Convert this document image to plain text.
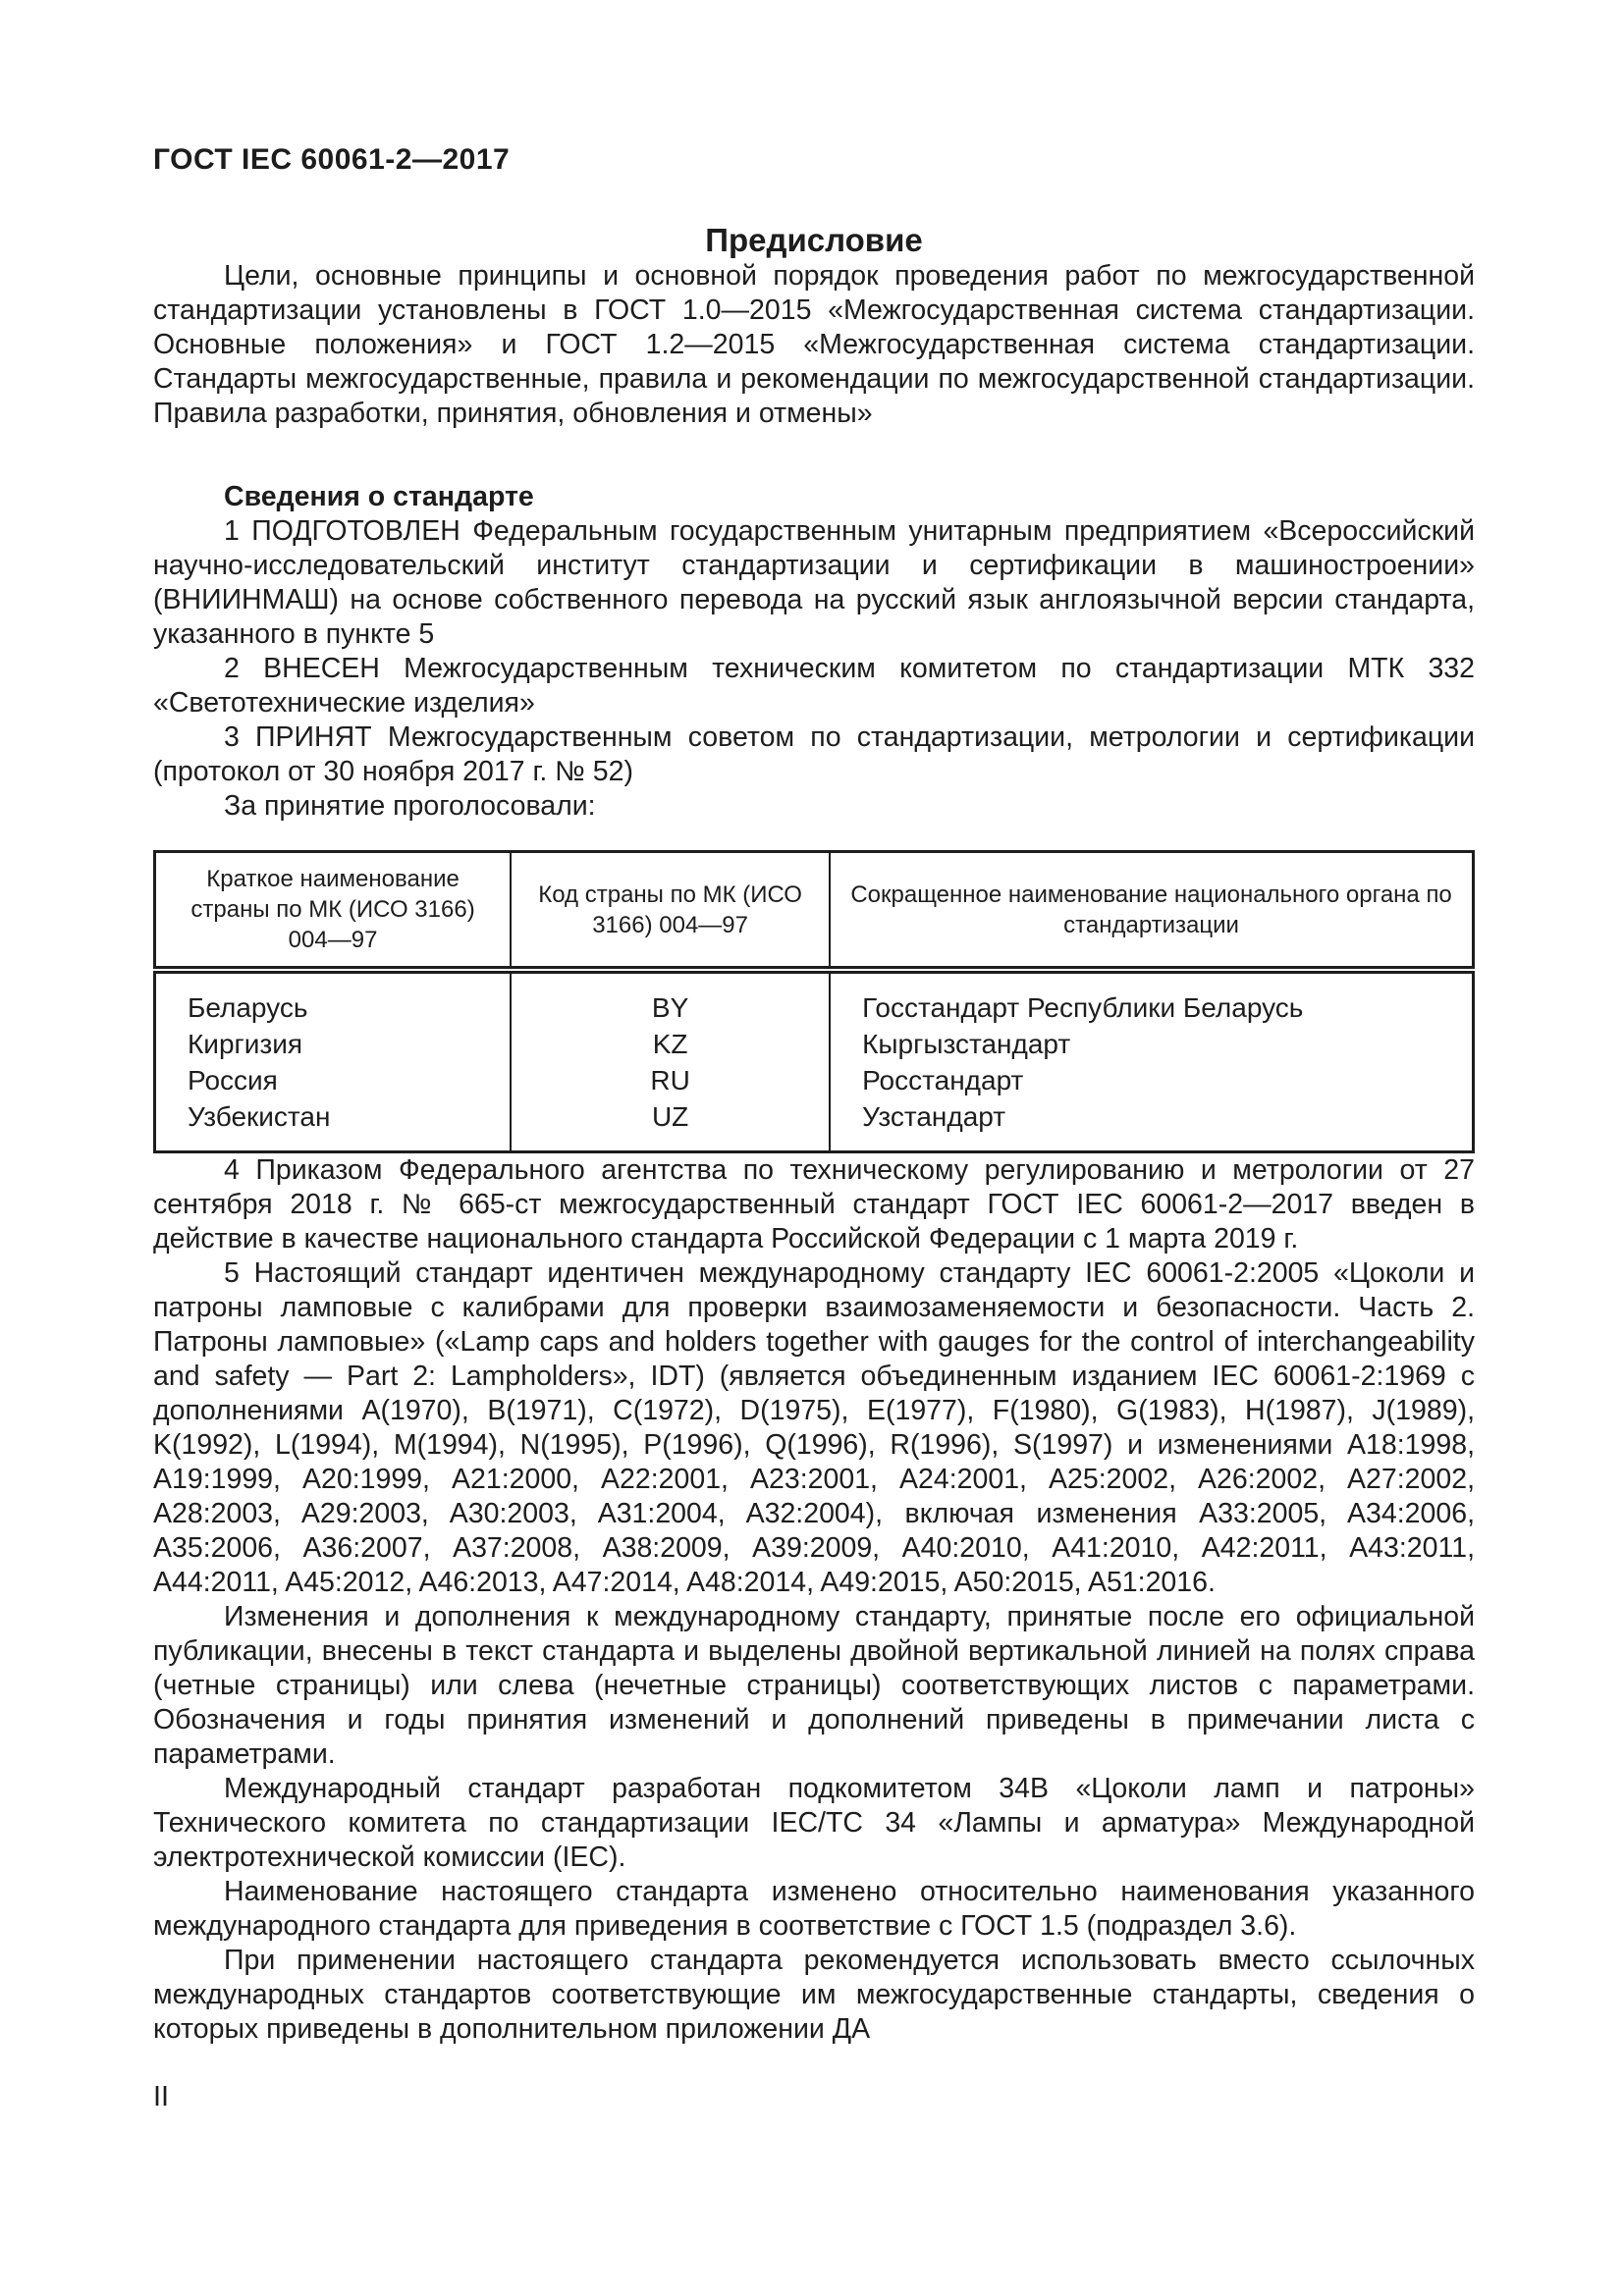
ГОСТ IEC 60061-2—2017
Предисловие

Цели, основные принципы и основной порядок проведения работ по межгосударственной стандартизации установлены в ГОСТ 1.0—2015 «Межгосударственная система стандартизации. Основные положения» и ГОСТ 1.2—2015 «Межгосударственная система стандартизации. Стандарты межгосударственные, правила и рекомендации по межгосударственной стандартизации. Правила разработки, принятия, обновления и отмены»

Сведения о стандарте

1 ПОДГОТОВЛЕН Федеральным государственным унитарным предприятием «Всероссийский научно-исследовательский институт стандартизации и сертификации в машиностроении» (ВНИИНМАШ) на основе собственного перевода на русский язык англоязычной версии стандарта, указанного в пункте 5

2 ВНЕСЕН Межгосударственным техническим комитетом по стандартизации МТК 332 «Светотехнические изделия»

3 ПРИНЯТ Межгосударственным советом по стандартизации, метрологии и сертификации (протокол от 30 ноября 2017 г. № 52)

За принятие проголосовали:

Краткое наименование страны по МК (ИСО 3166) 004—97	Код страны по МК (ИСО 3166) 004—97	Сокращенное наименование национального органа по стандартизации
Беларусь	BY	Госстандарт Республики Беларусь
Киргизия	KZ	Кыргызстандарт
Россия	RU	Росстандарт
Узбекистан	UZ	Узстандарт

4 Приказом Федерального агентства по техническому регулированию и метрологии от 27 сентября 2018 г. № 665-ст межгосударственный стандарт ГОСТ IEC 60061-2—2017 введен в действие в качестве национального стандарта Российской Федерации с 1 марта 2019 г.

5 Настоящий стандарт идентичен международному стандарту IEC 60061-2:2005 «Цоколи и патроны ламповые с калибрами для проверки взаимозаменяемости и безопасности. Часть 2. Патроны ламповые» («Lamp caps and holders together with gauges for the control of interchangeability and safety — Part 2: Lampholders», IDT) (является объединенным изданием IEC 60061-2:1969 с дополнениями A(1970), B(1971), C(1972), D(1975), E(1977), F(1980), G(1983), H(1987), J(1989), K(1992), L(1994), M(1994), N(1995), P(1996), Q(1996), R(1996), S(1997) и изменениями A18:1998, A19:1999, A20:1999, A21:2000, A22:2001, A23:2001, A24:2001, A25:2002, A26:2002, A27:2002, A28:2003, A29:2003, A30:2003, A31:2004, A32:2004), включая изменения A33:2005, A34:2006, A35:2006, A36:2007, A37:2008, A38:2009, A39:2009, A40:2010, A41:2010, A42:2011, A43:2011, A44:2011, A45:2012, A46:2013, A47:2014, A48:2014, A49:2015, A50:2015, A51:2016.

Изменения и дополнения к международному стандарту, принятые после его официальной публикации, внесены в текст стандарта и выделены двойной вертикальной линией на полях справа (четные страницы) или слева (нечетные страницы) соответствующих листов с параметрами. Обозначения и годы принятия изменений и дополнений приведены в примечании листа с параметрами.

Международный стандарт разработан подкомитетом 34B «Цоколи ламп и патроны» Технического комитета по стандартизации IEC/ТС 34 «Лампы и арматура» Международной электротехнической комиссии (IEC).

Наименование настоящего стандарта изменено относительно наименования указанного международного стандарта для приведения в соответствие с ГОСТ 1.5 (подраздел 3.6).

При применении настоящего стандарта рекомендуется использовать вместо ссылочных международных стандартов соответствующие им межгосударственные стандарты, сведения о которых приведены в дополнительном приложении ДА

II
